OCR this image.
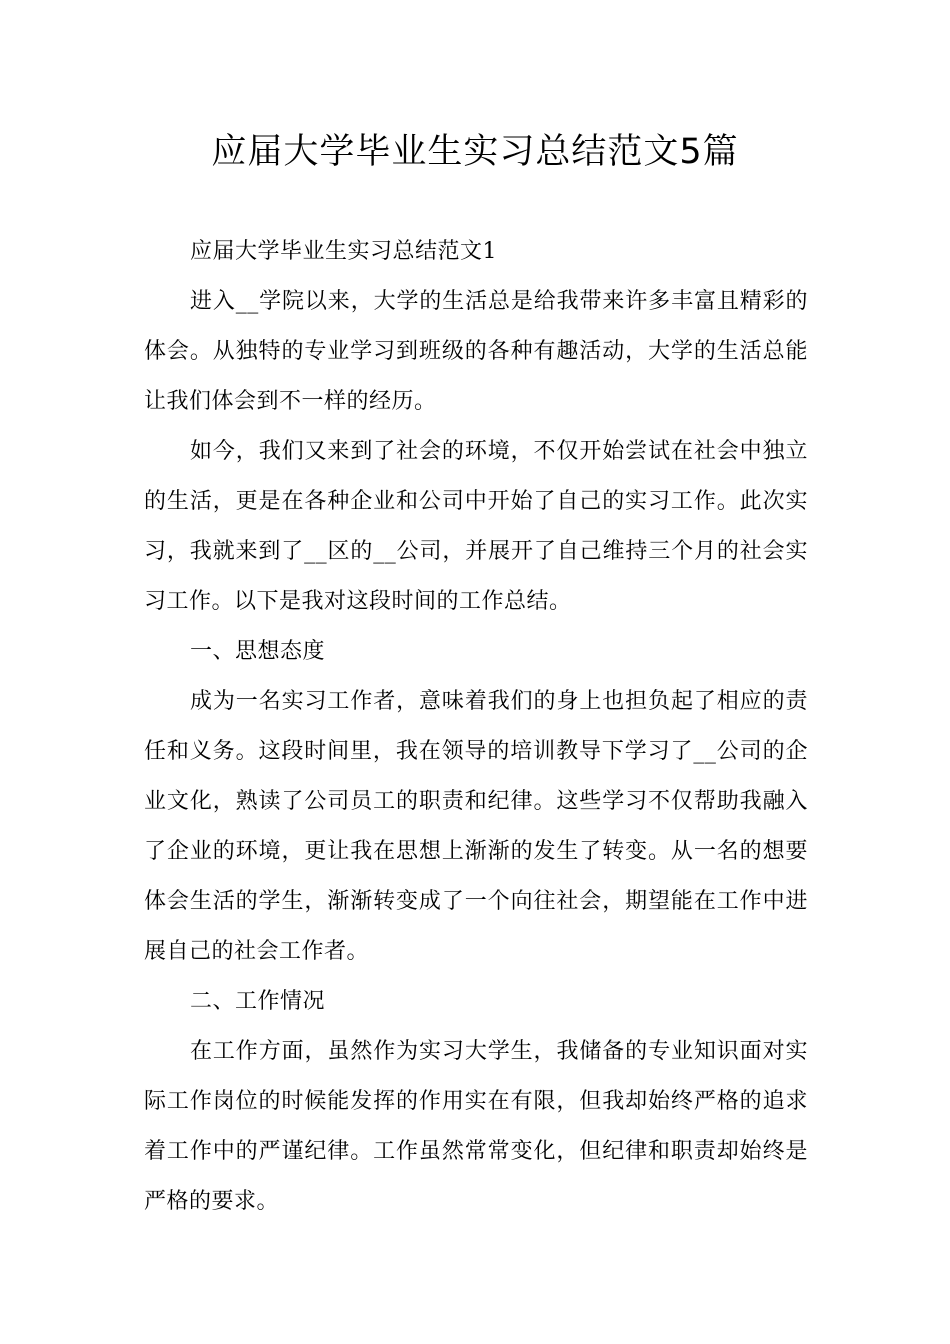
应届大学毕业生实习总结范文5篇

应届大学毕业生实习总结范文1

进入__学院以来，大学的生活总是给我带来许多丰富且精彩的体会。从独特的专业学习到班级的各种有趣活动，大学的生活总能让我们体会到不一样的经历。

如今，我们又来到了社会的环境，不仅开始尝试在社会中独立的生活，更是在各种企业和公司中开始了自己的实习工作。此次实习，我就来到了__区的__公司，并展开了自己维持三个月的社会实习工作。以下是我对这段时间的工作总结。

一、思想态度

成为一名实习工作者，意味着我们的身上也担负起了相应的责任和义务。这段时间里，我在领导的培训教导下学习了__公司的企业文化，熟读了公司员工的职责和纪律。这些学习不仅帮助我融入了企业的环境，更让我在思想上渐渐的发生了转变。从一名的想要体会生活的学生，渐渐转变成了一个向往社会，期望能在工作中进展自己的社会工作者。

二、工作情况

在工作方面，虽然作为实习大学生，我储备的专业知识面对实际工作岗位的时候能发挥的作用实在有限，但我却始终严格的追求着工作中的严谨纪律。工作虽然常常变化，但纪律和职责却始终是严格的要求。
